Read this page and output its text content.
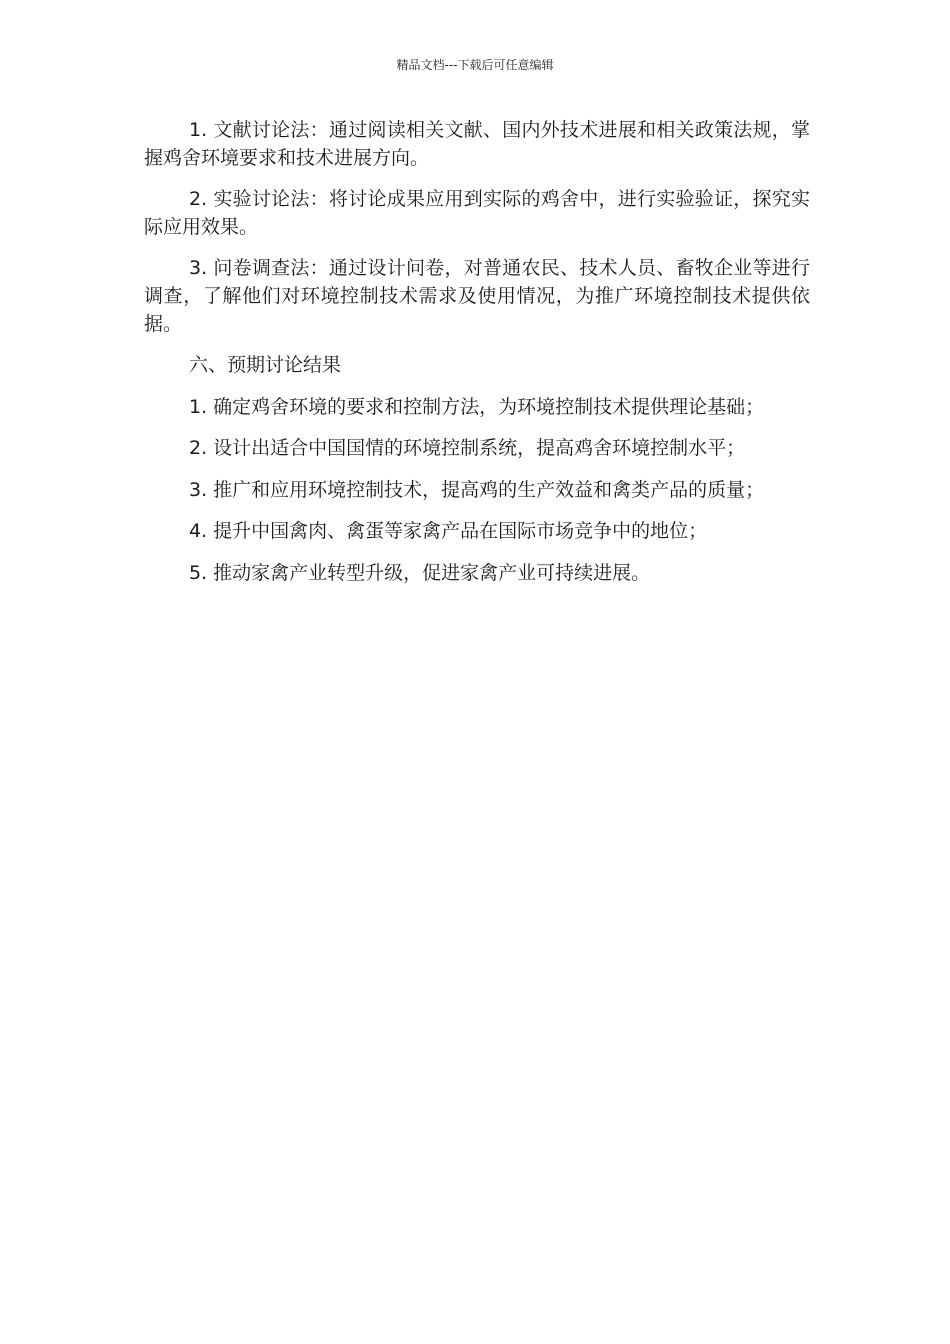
精品文档---下载后可任意编辑

1. 文献讨论法：通过阅读相关文献、国内外技术进展和相关政策法规，掌握鸡舍环境要求和技术进展方向。

2. 实验讨论法：将讨论成果应用到实际的鸡舍中，进行实验验证，探究实际应用效果。

3. 问卷调查法：通过设计问卷，对普通农民、技术人员、畜牧企业等进行调查，了解他们对环境控制技术需求及使用情况，为推广环境控制技术提供依据。

六、预期讨论结果
1. 确定鸡舍环境的要求和控制方法，为环境控制技术提供理论基础；
2. 设计出适合中国国情的环境控制系统，提高鸡舍环境控制水平；
3. 推广和应用环境控制技术，提高鸡的生产效益和禽类产品的质量；
4. 提升中国禽肉、禽蛋等家禽产品在国际市场竞争中的地位；
5. 推动家禽产业转型升级，促进家禽产业可持续进展。
